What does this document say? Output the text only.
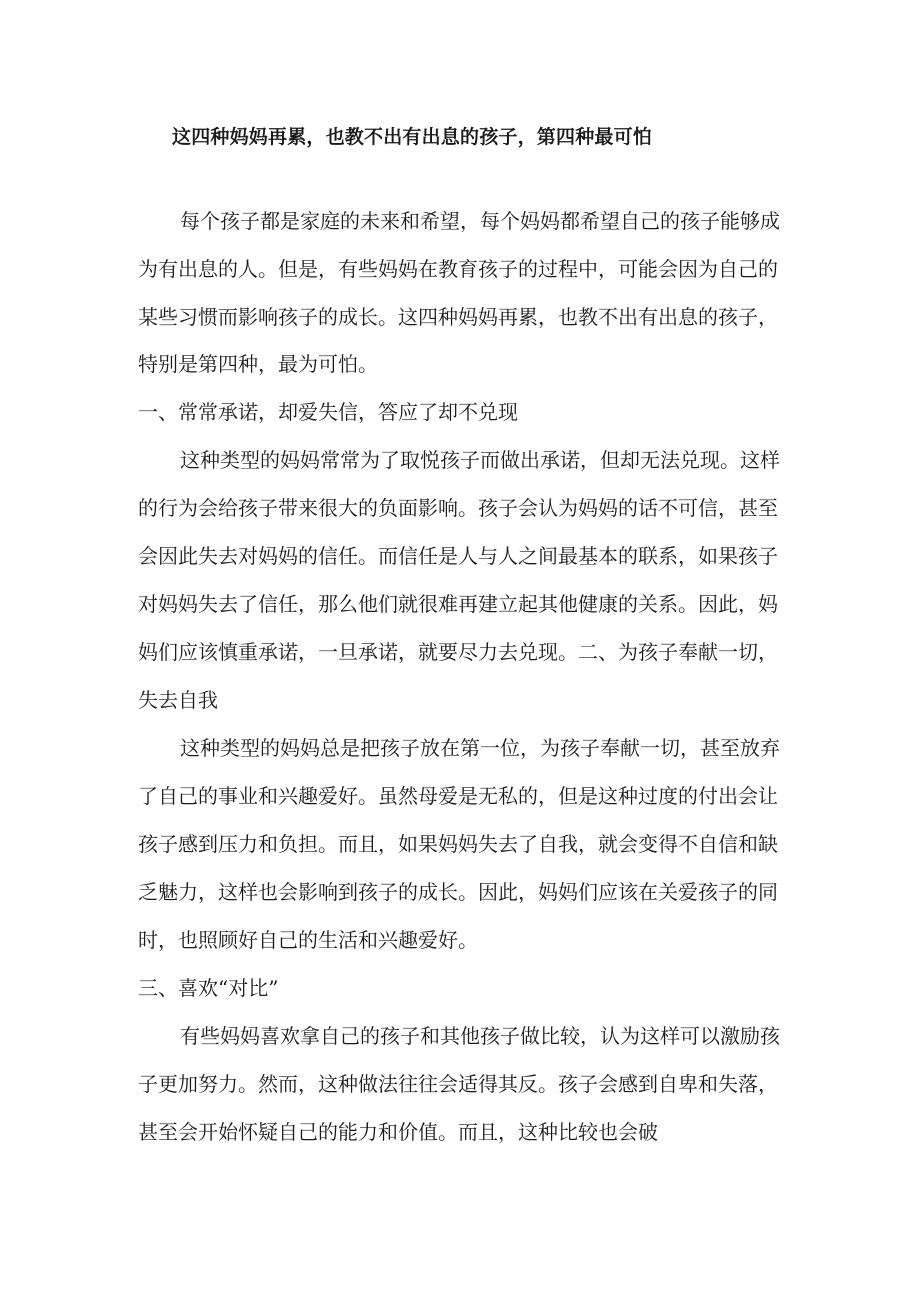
这四种妈妈再累，也教不出有出息的孩子，第四种最可怕

每个孩子都是家庭的未来和希望，每个妈妈都希望自己的孩子能够成

为有出息的人。但是，有些妈妈在教育孩子的过程中，可能会因为自己的

某些习惯而影响孩子的成长。这四种妈妈再累，也教不出有出息的孩子，

特别是第四种，最为可怕。

一、常常承诺，却爱失信，答应了却不兑现

这种类型的妈妈常常为了取悦孩子而做出承诺，但却无法兑现。这样

的行为会给孩子带来很大的负面影响。孩子会认为妈妈的话不可信，甚至

会因此失去对妈妈的信任。而信任是人与人之间最基本的联系，如果孩子

对妈妈失去了信任，那么他们就很难再建立起其他健康的关系。因此，妈

妈们应该慎重承诺，一旦承诺，就要尽力去兑现。二、为孩子奉献一切，

失去自我

这种类型的妈妈总是把孩子放在第一位，为孩子奉献一切，甚至放弃

了自己的事业和兴趣爱好。虽然母爱是无私的，但是这种过度的付出会让

孩子感到压力和负担。而且，如果妈妈失去了自我，就会变得不自信和缺

乏魅力，这样也会影响到孩子的成长。因此，妈妈们应该在关爱孩子的同

时，也照顾好自己的生活和兴趣爱好。

三、喜欢“对比”

有些妈妈喜欢拿自己的孩子和其他孩子做比较，认为这样可以激励孩

子更加努力。然而，这种做法往往会适得其反。孩子会感到自卑和失落，

甚至会开始怀疑自己的能力和价值。而且，这种比较也会破
